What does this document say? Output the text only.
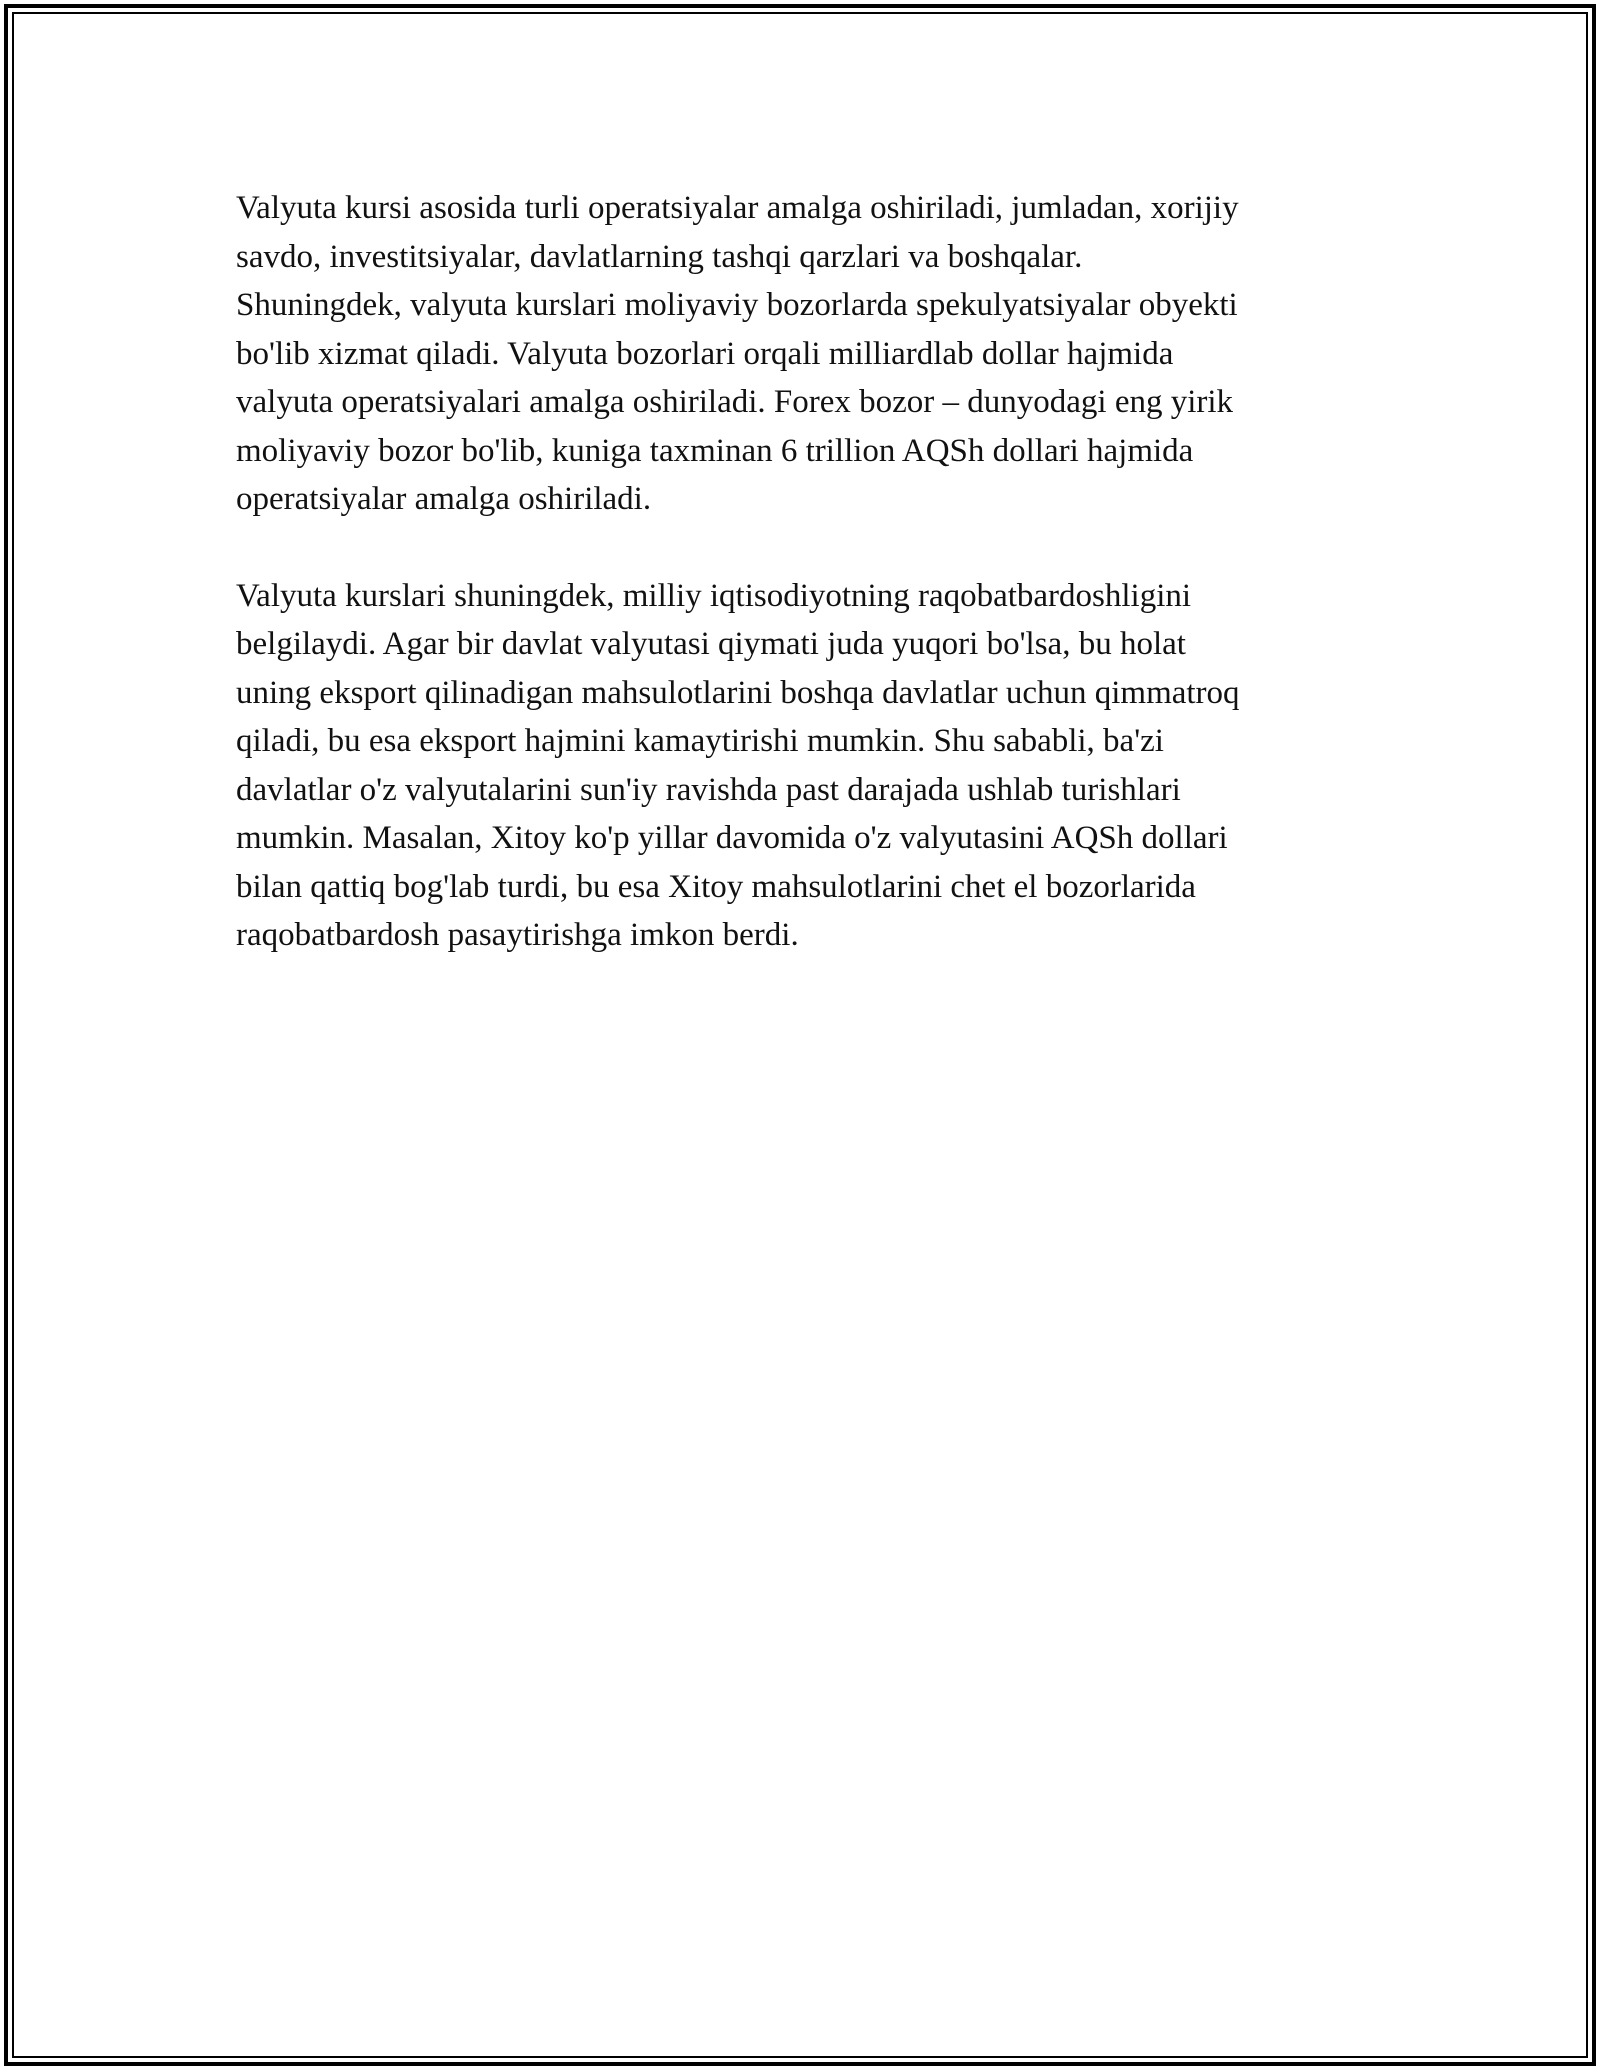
Valyuta kursi asosida turli operatsiyalar amalga oshiriladi, jumladan, xorijiy
savdo, investitsiyalar, davlatlarning tashqi qarzlari va boshqalar.
Shuningdek, valyuta kurslari moliyaviy bozorlarda spekulyatsiyalar obyekti
bo'lib xizmat qiladi. Valyuta bozorlari orqali milliardlab dollar hajmida
valyuta operatsiyalari amalga oshiriladi. Forex bozor – dunyodagi eng yirik
moliyaviy bozor bo'lib, kuniga taxminan 6 trillion AQSh dollari hajmida
operatsiyalar amalga oshiriladi.

Valyuta kurslari shuningdek, milliy iqtisodiyotning raqobatbardoshligini
belgilaydi. Agar bir davlat valyutasi qiymati juda yuqori bo'lsa, bu holat
uning eksport qilinadigan mahsulotlarini boshqa davlatlar uchun qimmatroq
qiladi, bu esa eksport hajmini kamaytirishi mumkin. Shu sababli, ba'zi
davlatlar o'z valyutalarini sun'iy ravishda past darajada ushlab turishlari
mumkin. Masalan, Xitoy ko'p yillar davomida o'z valyutasini AQSh dollari
bilan qattiq bog'lab turdi, bu esa Xitoy mahsulotlarini chet el bozorlarida
raqobatbardosh pasaytirishga imkon berdi.
